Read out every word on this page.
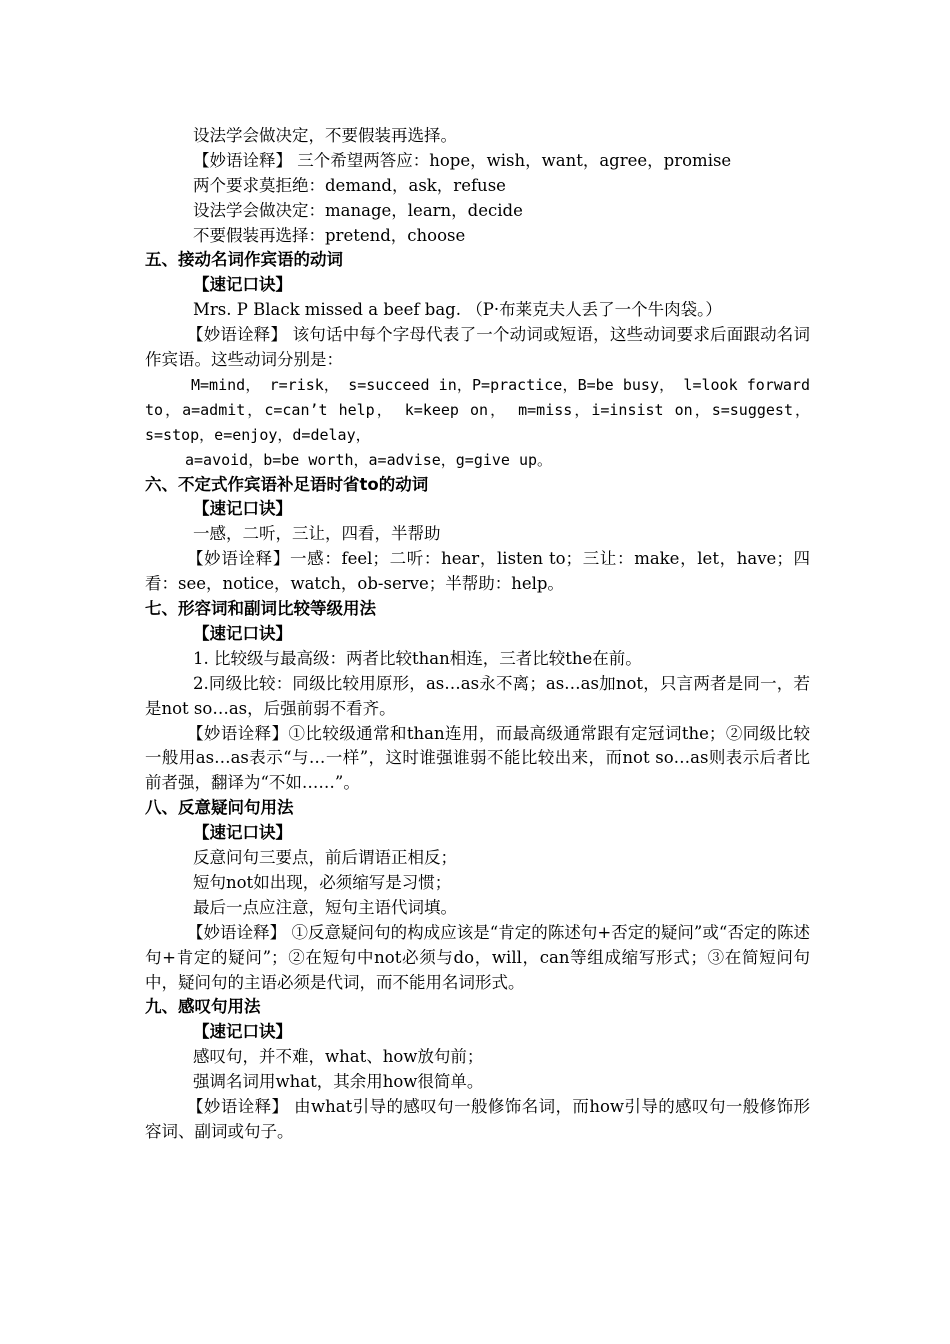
设法学会做决定，不要假装再选择。
【妙语诠释】 三个希望两答应：hope，wish，want，agree，promise
两个要求莫拒绝：demand，ask，refuse
设法学会做决定：manage，learn，decide
不要假装再选择：pretend，choose
五、接动名词作宾语的动词
【速记口诀】
Mrs. P Black missed a beef bag. （P·布莱克夫人丢了一个牛肉袋。）
【妙语诠释】 该句话中每个字母代表了一个动词或短语，这些动词要求后面跟动名词作宾语。这些动词分别是：
M=mind， r=risk， s=succeed in，P=practice，B=be busy， l=look forward to，a=admit，c=can’t help， k=keep on， m=miss，i=insist on，s=suggest，s=stop，e=enjoy，d=delay，
a=avoid，b=be worth，a=advise，g=give up。
六、不定式作宾语补足语时省to的动词
【速记口诀】
一感，二听，三让，四看，半帮助
【妙语诠释】一感：feel；二听：hear，listen to；三让：make，let，have；四看：see，notice，watch，ob-serve；半帮助：help。
七、形容词和副词比较等级用法
【速记口诀】
1. 比较级与最高级：两者比较than相连，三者比较the在前。
2.同级比较：同级比较用原形，as…as永不离；as…as加not，只言两者是同一，若是not so…as，后强前弱不看齐。
【妙语诠释】①比较级通常和than连用，而最高级通常跟有定冠词the；②同级比较一般用as…as表示“与…一样”，这时谁强谁弱不能比较出来，而not so…as则表示后者比前者强，翻译为“不如……”。
八、反意疑问句用法
【速记口诀】
反意问句三要点，前后谓语正相反；
短句not如出现，必须缩写是习惯；
最后一点应注意，短句主语代词填。
【妙语诠释】 ①反意疑问句的构成应该是“肯定的陈述句+否定的疑问”或“否定的陈述句+肯定的疑问”；②在短句中not必须与do，will，can等组成缩写形式；③在简短问句中，疑问句的主语必须是代词，而不能用名词形式。
九、感叹句用法
【速记口诀】
感叹句，并不难，what、how放句前；
强调名词用what，其余用how很简单。
【妙语诠释】 由what引导的感叹句一般修饰名词，而how引导的感叹句一般修饰形容词、副词或句子。
